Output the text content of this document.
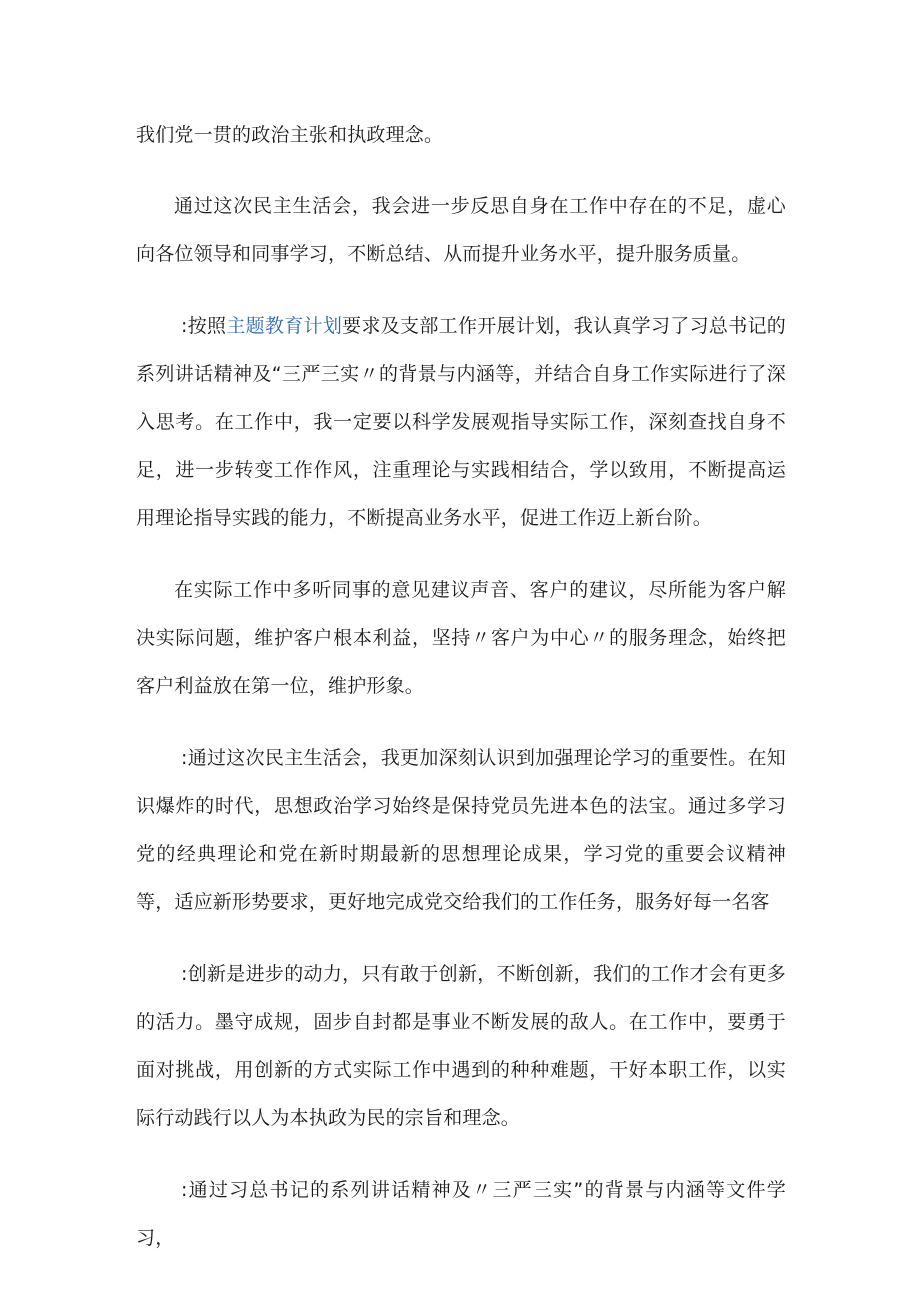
我们党一贯的政治主张和执政理念。

通过这次民主生活会，我会进一步反思自身在工作中存在的不足，虚心向各位领导和同事学习，不断总结、从而提升业务水平，提升服务质量。

:按照主题教育计划要求及支部工作开展计划，我认真学习了习总书记的系列讲话精神及“三严三实〃的背景与内涵等，并结合自身工作实际进行了深入思考。在工作中，我一定要以科学发展观指导实际工作，深刻查找自身不足，进一步转变工作作风，注重理论与实践相结合，学以致用，不断提高运用理论指导实践的能力，不断提高业务水平，促进工作迈上新台阶。

在实际工作中多听同事的意见建议声音、客户的建议，尽所能为客户解决实际问题，维护客户根本利益，坚持〃客户为中心〃的服务理念，始终把客户利益放在第一位，维护形象。

:通过这次民主生活会，我更加深刻认识到加强理论学习的重要性。在知识爆炸的时代，思想政治学习始终是保持党员先进本色的法宝。通过多学习党的经典理论和党在新时期最新的思想理论成果，学习党的重要会议精神等，适应新形势要求，更好地完成党交给我们的工作任务，服务好每一名客

:创新是进步的动力，只有敢于创新，不断创新，我们的工作才会有更多的活力。墨守成规，固步自封都是事业不断发展的敌人。在工作中，要勇于面对挑战，用创新的方式实际工作中遇到的种种难题，干好本职工作，以实际行动践行以人为本执政为民的宗旨和理念。

:通过习总书记的系列讲话精神及〃三严三实”的背景与内涵等文件学习，
